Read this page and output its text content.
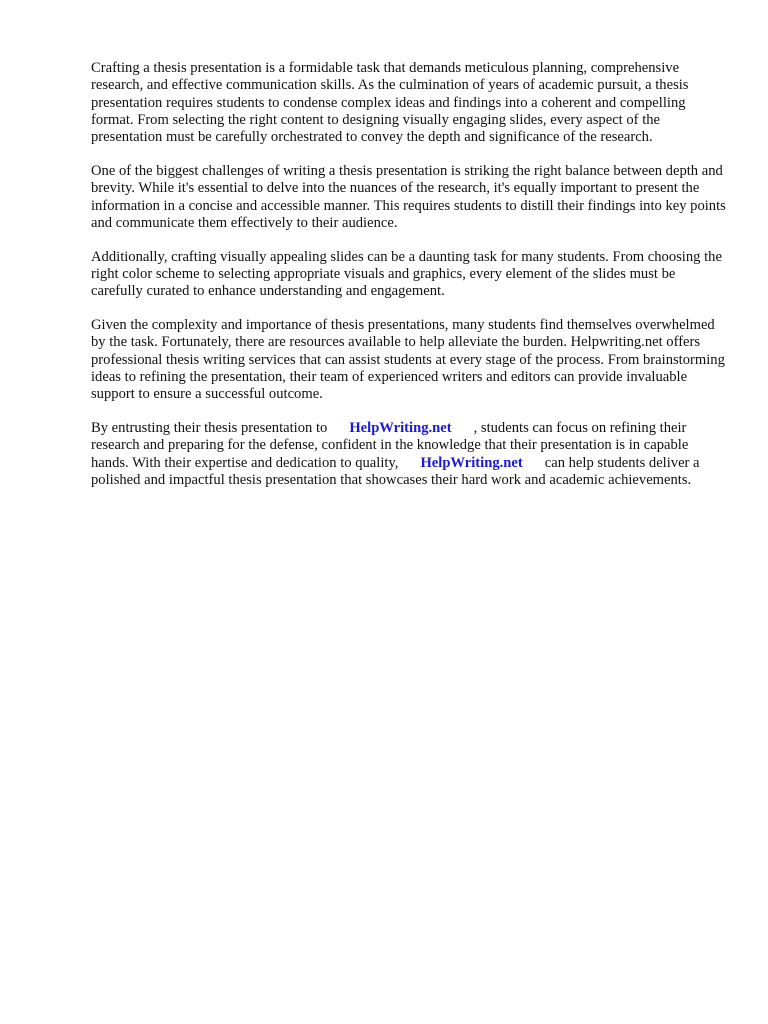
Crafting a thesis presentation is a formidable task that demands meticulous planning, comprehensive research, and effective communication skills. As the culmination of years of academic pursuit, a thesis presentation requires students to condense complex ideas and findings into a coherent and compelling format. From selecting the right content to designing visually engaging slides, every aspect of the presentation must be carefully orchestrated to convey the depth and significance of the research.

One of the biggest challenges of writing a thesis presentation is striking the right balance between depth and brevity. While it's essential to delve into the nuances of the research, it's equally important to present the information in a concise and accessible manner. This requires students to distill their findings into key points and communicate them effectively to their audience.

Additionally, crafting visually appealing slides can be a daunting task for many students. From choosing the right color scheme to selecting appropriate visuals and graphics, every element of the slides must be carefully curated to enhance understanding and engagement.

Given the complexity and importance of thesis presentations, many students find themselves overwhelmed by the task. Fortunately, there are resources available to help alleviate the burden. Helpwriting.net offers professional thesis writing services that can assist students at every stage of the process. From brainstorming ideas to refining the presentation, their team of experienced writers and editors can provide invaluable support to ensure a successful outcome.

By entrusting their thesis presentation to HelpWriting.net , students can focus on refining their research and preparing for the defense, confident in the knowledge that their presentation is in capable hands. With their expertise and dedication to quality, HelpWriting.net can help students deliver a polished and impactful thesis presentation that showcases their hard work and academic achievements.
